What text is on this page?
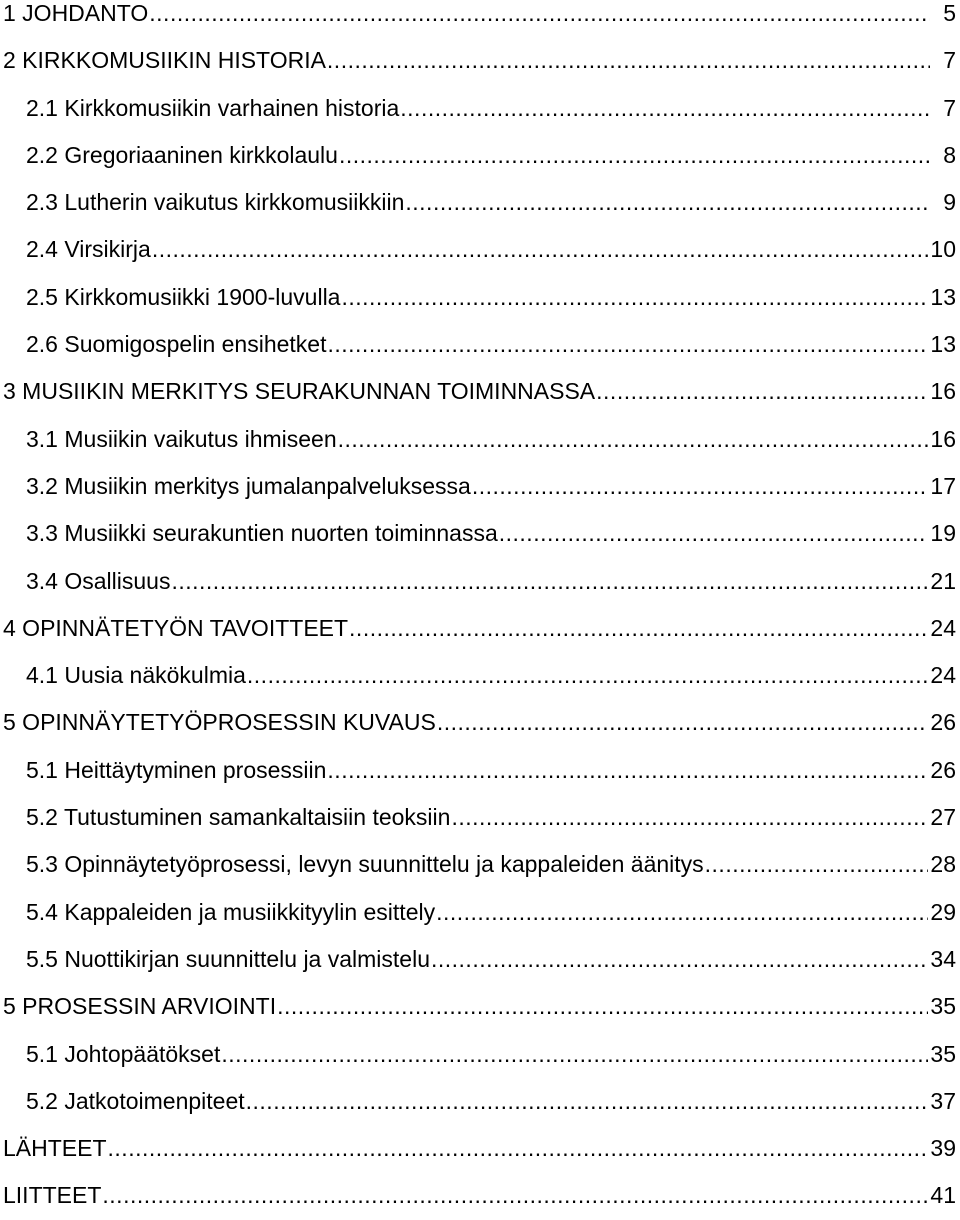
1 JOHDANTO .....	5
2 KIRKKOMUSIIKIN HISTORIA .....	7
2.1 Kirkkomusiikin varhainen historia .....	7
2.2 Gregoriaaninen kirkkolaulu .....	8
2.3 Lutherin vaikutus kirkkomusiikkiin .....	9
2.4 Virsikirja .....	10
2.5 Kirkkomusiikki 1900-luvulla .....	13
2.6 Suomigospelin ensihetket .....	13
3 MUSIIKIN MERKITYS SEURAKUNNAN TOIMINNASSA .....	16
3.1 Musiikin vaikutus ihmiseen .....	16
3.2 Musiikin merkitys jumalanpalveluksessa .....	17
3.3 Musiikki seurakuntien nuorten toiminnassa .....	19
3.4 Osallisuus .....	21
4 OPINNÄTETYÖN TAVOITTEET .....	24
4.1 Uusia näkökulmia .....	24
5 OPINNÄYTETYÖPROSESSIN KUVAUS .....	26
5.1 Heittäytyminen prosessiin .....	26
5.2 Tutustuminen samankaltaisiin teoksiin .....	27
5.3 Opinnäytetyöprosessi, levyn suunnittelu ja kappaleiden äänitys .....	28
5.4 Kappaleiden ja musiikkityylin esittely .....	29
5.5 Nuottikirjan suunnittelu ja valmistelu .....	34
5 PROSESSIN ARVIOINTI .....	35
5.1 Johtopäätökset .....	35
5.2 Jatkotoimenpiteet .....	37
LÄHTEET .....	39
LIITTEET .....	41
